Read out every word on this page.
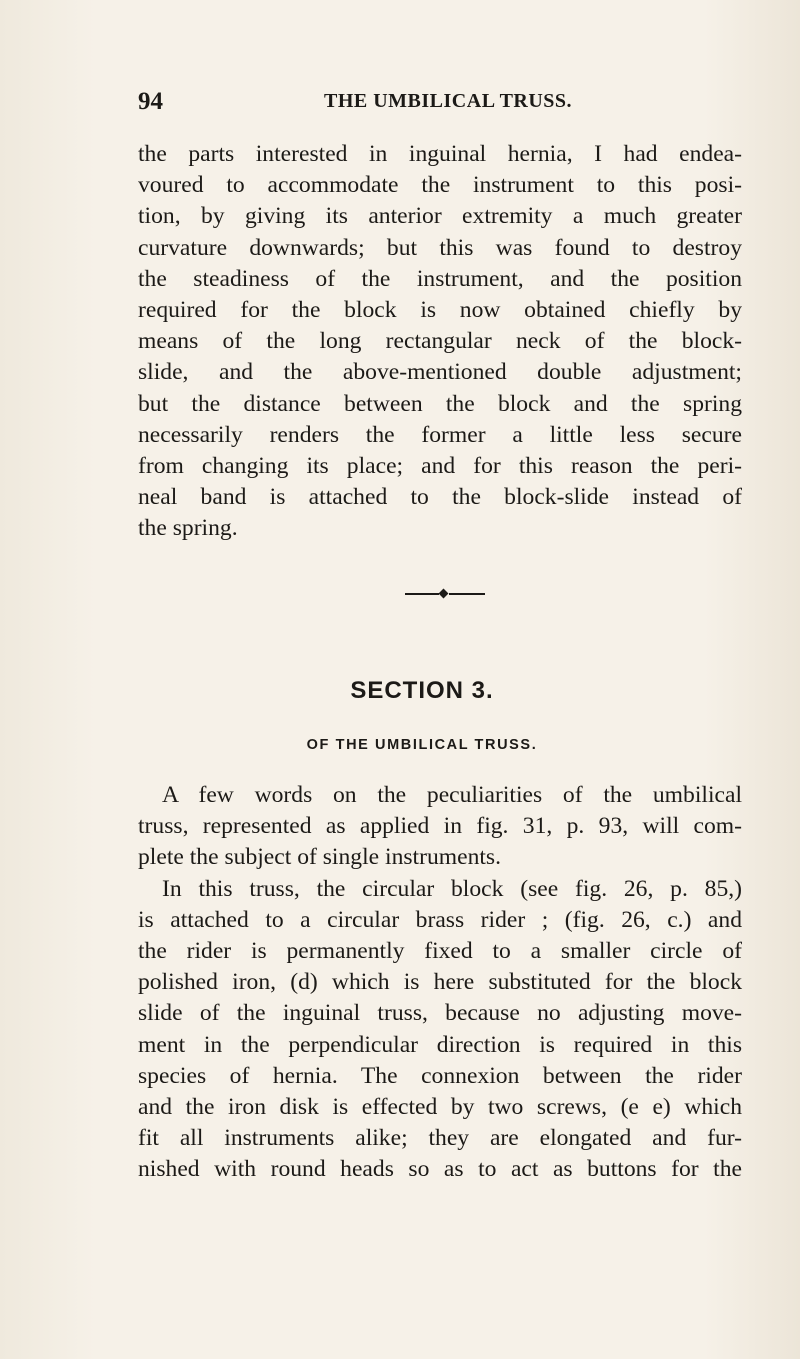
94	THE UMBILICAL TRUSS.

the parts interested in inguinal hernia, I had endea-
voured to accommodate the instrument to this posi-
tion, by giving its anterior extremity a much greater
curvature downwards; but this was found to destroy
the steadiness of the instrument, and the position
required for the block is now obtained chiefly by
means of the long rectangular neck of the block-
slide, and the above-mentioned double adjustment;
but the distance between the block and the spring
necessarily renders the former a little less secure
from changing its place; and for this reason the peri-
neal band is attached to the block-slide instead of
the spring.

SECTION 3.
OF THE UMBILICAL TRUSS.

A few words on the peculiarities of the umbilical
truss, represented as applied in fig. 31, p. 93, will com-
plete the subject of single instruments.
In this truss, the circular block (see fig. 26, p. 85,)
is attached to a circular brass rider ; (fig. 26, c.) and
the rider is permanently fixed to a smaller circle of
polished iron, (d) which is here substituted for the block
slide of the inguinal truss, because no adjusting move-
ment in the perpendicular direction is required in this
species of hernia. The connexion between the rider
and the iron disk is effected by two screws, (e e) which
fit all instruments alike; they are elongated and fur-
nished with round heads so as to act as buttons for the
